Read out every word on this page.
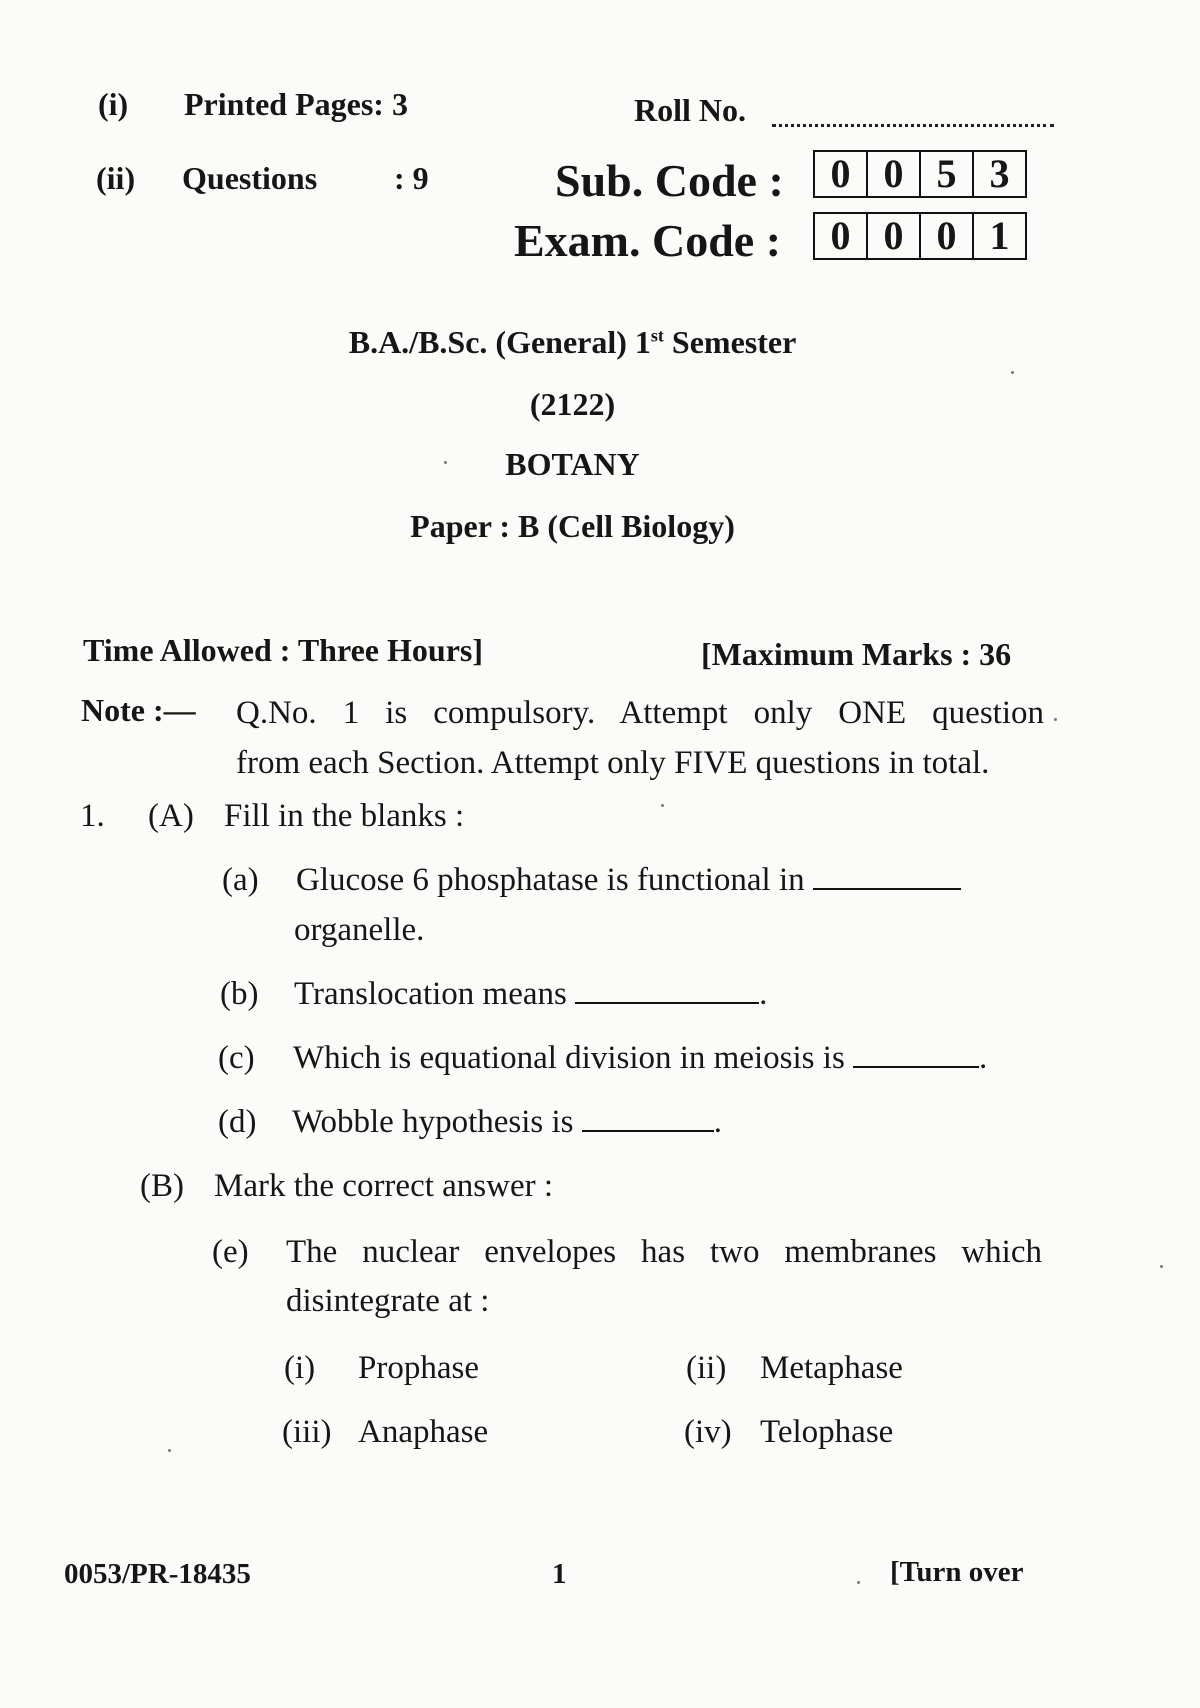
(i) Printed Pages: 3
(ii) Questions : 9
Roll No.
Sub. Code :	0 0 5 3
Exam. Code :	0 0 0 1
B.A./B.Sc. (General) 1st Semester
(2122)
BOTANY
Paper : B (Cell Biology)
Time Allowed : Three Hours]	[Maximum Marks : 36
Note :— Q.No. 1 is compulsory. Attempt only ONE question
from each Section. Attempt only FIVE questions in total.
1. (A) Fill in the blanks :
(a) Glucose 6 phosphatase is functional in
organelle.
(b) Translocation means	.
(c) Which is equational division in meiosis is	.
(d) Wobble hypothesis is	.
(B) Mark the correct answer :
(e) The nuclear envelopes has two membranes which
disintegrate at :
(i) Prophase	(ii) Metaphase
(iii) Anaphase	(iv) Telophase
0053/PR-18435	1	[Turn over
